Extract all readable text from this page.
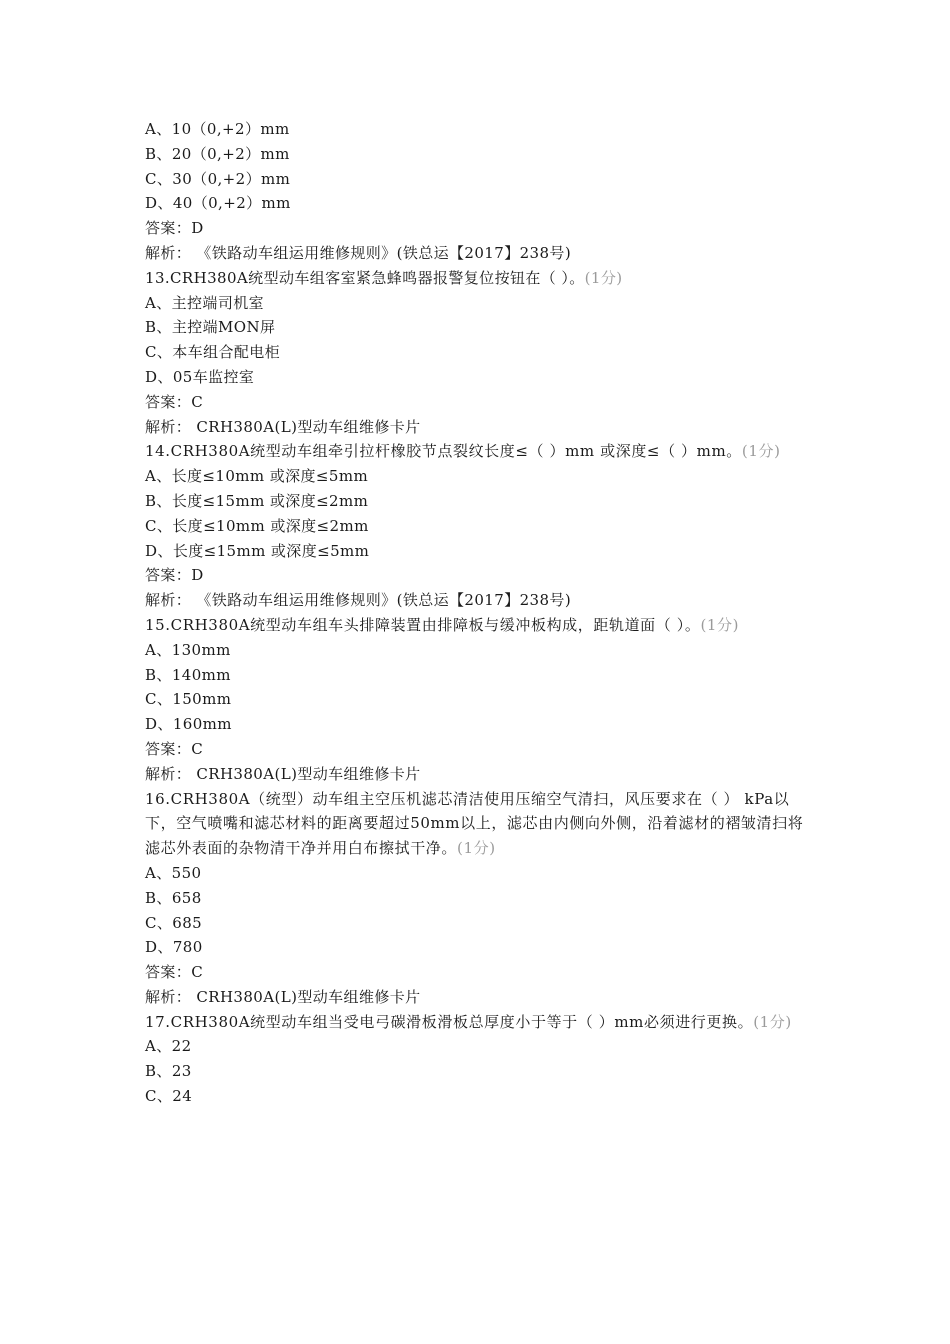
A、10（0,+2）mm
B、20（0,+2）mm
C、30（0,+2）mm
D、40（0,+2）mm
答案：D
解析： 《铁路动车组运用维修规则》(铁总运【2017】238号)
13.CRH380A统型动车组客室紧急蜂鸣器报警复位按钮在（ ）。(1分)
A、主控端司机室
B、主控端MON屏
C、本车组合配电柜
D、05车监控室
答案：C
解析： CRH380A(L)型动车组维修卡片
14.CRH380A统型动车组牵引拉杆橡胶节点裂纹长度≤（ ）mm 或深度≤（ ）mm。(1分)
A、长度≤10mm 或深度≤5mm
B、长度≤15mm 或深度≤2mm
C、长度≤10mm 或深度≤2mm
D、长度≤15mm 或深度≤5mm
答案：D
解析： 《铁路动车组运用维修规则》(铁总运【2017】238号)
15.CRH380A统型动车组车头排障装置由排障板与缓冲板构成，距轨道面（ ）。(1分)
A、130mm
B、140mm
C、150mm
D、160mm
答案：C
解析： CRH380A(L)型动车组维修卡片
16.CRH380A（统型）动车组主空压机滤芯清洁使用压缩空气清扫，风压要求在（ ） kPa以下，空气喷嘴和滤芯材料的距离要超过50mm以上，滤芯由内侧向外侧，沿着滤材的褶皱清扫将滤芯外表面的杂物清干净并用白布擦拭干净。(1分)
A、550
B、658
C、685
D、780
答案：C
解析： CRH380A(L)型动车组维修卡片
17.CRH380A统型动车组当受电弓碳滑板滑板总厚度小于等于（ ）mm必须进行更换。(1分)
A、22
B、23
C、24
